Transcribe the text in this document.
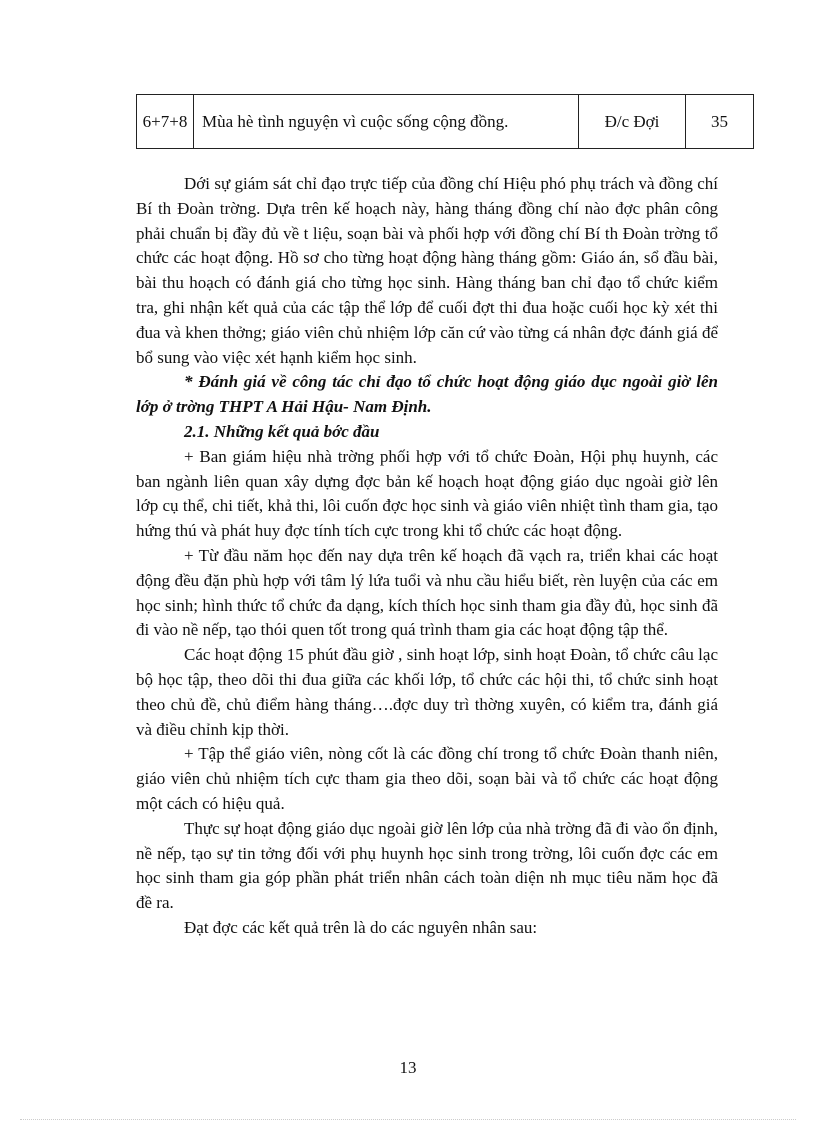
6+7+8	Mùa hè tình nguyện vì cuộc sống cộng đồng.	Đ/c Đợi	35

Dới sự giám sát chỉ đạo trực tiếp của đồng chí Hiệu phó phụ trách và đồng chí Bí th Đoàn trờng. Dựa trên kế hoạch này, hàng tháng đồng chí nào đợc phân công phải chuẩn bị đầy đủ về t liệu, soạn bài và phối hợp với đồng chí Bí th Đoàn trờng tổ chức các hoạt động. Hồ sơ cho từng hoạt động hàng tháng gồm: Giáo án, sổ đầu bài, bài thu hoạch có đánh giá cho từng học sinh. Hàng tháng ban chỉ đạo tổ chức kiểm tra, ghi nhận kết quả của các tập thể lớp để cuối đợt thi đua hoặc cuối học kỳ xét thi đua và khen thởng; giáo viên chủ nhiệm lớp căn cứ vào từng cá nhân đợc đánh giá để bổ sung vào việc xét hạnh kiểm học sinh.

* Đánh giá về công tác chỉ đạo tổ chức hoạt động giáo dục ngoài giờ lên lớp ở trờng THPT A Hải Hậu- Nam Định.

2.1. Những kết quả bớc đầu

+ Ban giám hiệu nhà trờng phối hợp với tổ chức Đoàn, Hội phụ huynh, các ban ngành liên quan xây dựng đợc bản kế hoạch hoạt động giáo dục ngoài giờ lên lớp cụ thể, chi tiết, khả thi, lôi cuốn đợc học sinh và giáo viên nhiệt tình tham gia, tạo hứng thú và phát huy đợc tính tích cực trong khi tổ chức các hoạt động.

+ Từ đầu năm học đến nay dựa trên kế hoạch đã vạch ra, triển khai các hoạt động đều đặn phù hợp với tâm lý lứa tuổi và nhu cầu hiểu biết, rèn luyện của các em học sinh; hình thức tổ chức đa dạng, kích thích học sinh tham gia đầy đủ, học sinh đã đi vào nề nếp, tạo thói quen tốt trong quá trình tham gia các hoạt động tập thể.

Các hoạt động 15 phút đầu giờ , sinh hoạt lớp, sinh hoạt Đoàn, tổ chức câu lạc bộ học tập, theo dõi thi đua giữa các khối lớp, tổ chức các hội thi, tổ chức sinh hoạt theo chủ đề, chủ điểm hàng tháng….đợc duy trì thờng xuyên, có kiểm tra, đánh giá và điều chỉnh kịp thời.

+ Tập thể giáo viên, nòng cốt là các đồng chí trong tổ chức Đoàn thanh niên, giáo viên chủ nhiệm tích cực tham gia theo dõi, soạn bài và tổ chức các hoạt động một cách có hiệu quả.

Thực sự hoạt động giáo dục ngoài giờ lên lớp của nhà trờng đã đi vào ổn định, nề nếp, tạo sự tin tởng đối với phụ huynh học sinh trong trờng, lôi cuốn đợc các em học sinh tham gia góp phần phát triển nhân cách toàn diện nh mục tiêu năm học đã đề ra.

Đạt đợc các kết quả trên là do các nguyên nhân sau:

13
